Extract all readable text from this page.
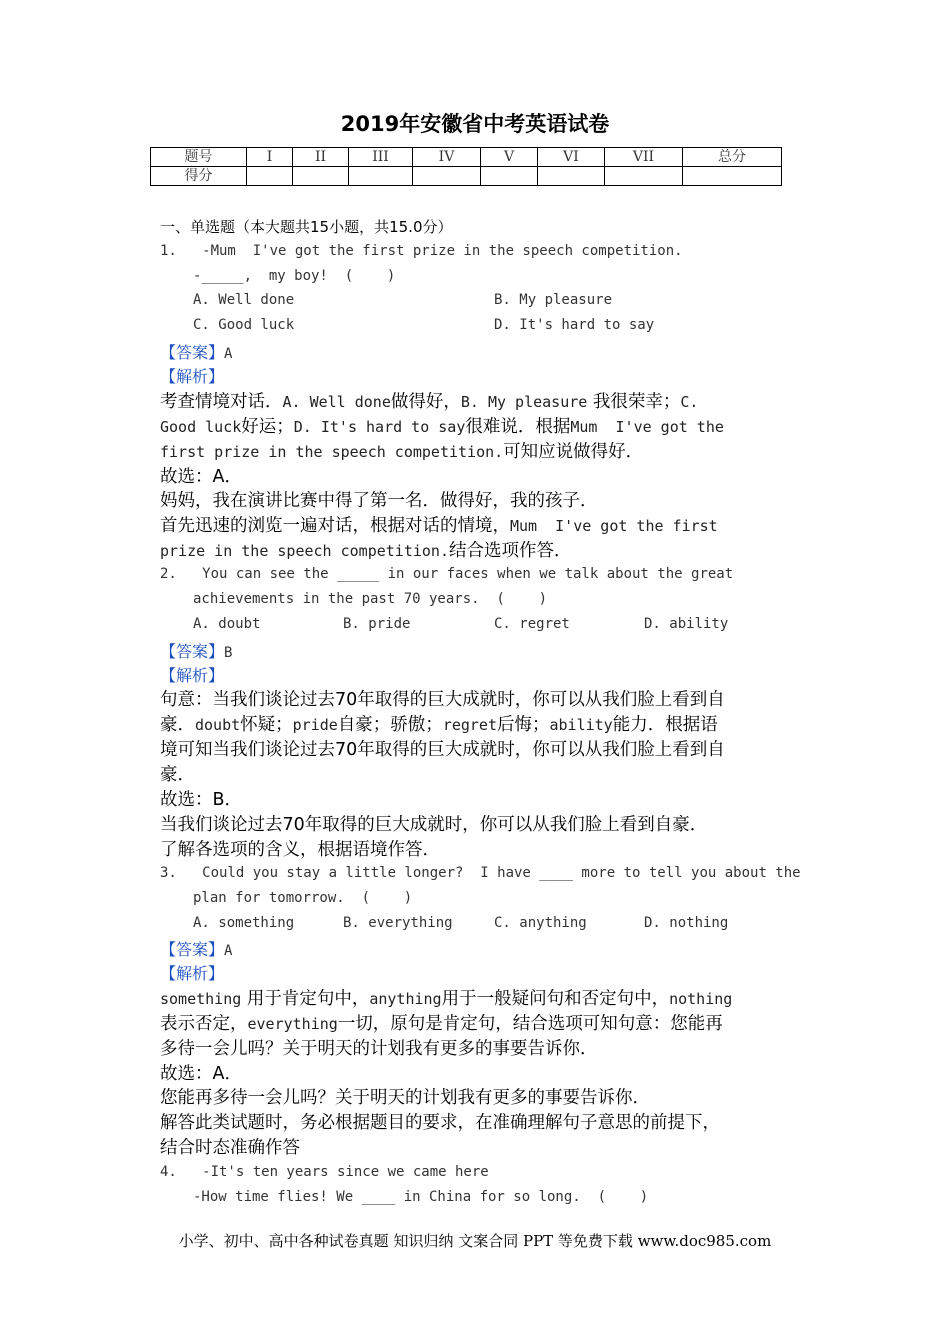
2019年安徽省中考英语试卷
题号	I	II	III	IV	V	VI	VII	总分
得分								
一、单选题（本大题共15小题，共15.0分）
1.   -Mum  I've got the first prize in the speech competition.
-_____,  my boy!  (    )
A. Well done	B. My pleasure
C. Good luck	D. It's hard to say
【答案】A
【解析】
考查情境对话．A. Well done做得好，B. My pleasure 我很荣幸；C.
Good luck好运；D. It's hard to say很难说．根据Mum  I've got the
first prize in the speech competition.可知应说做得好．
故选：A．
妈妈，我在演讲比赛中得了第一名．做得好，我的孩子．
首先迅速的浏览一遍对话，根据对话的情境，Mum  I've got the first
prize in the speech competition.结合选项作答．
2.   You can see the _____ in our faces when we talk about the great
achievements in the past 70 years.  (    )
A. doubt	B. pride	C. regret	D. ability
【答案】B
【解析】
句意：当我们谈论过去70年取得的巨大成就时，你可以从我们脸上看到自
豪．doubt怀疑；pride自豪；骄傲；regret后悔；ability能力．根据语
境可知当我们谈论过去70年取得的巨大成就时，你可以从我们脸上看到自
豪．
故选：B．
当我们谈论过去70年取得的巨大成就时，你可以从我们脸上看到自豪．
了解各选项的含义，根据语境作答．
3.   Could you stay a little longer?  I have ____ more to tell you about the
plan for tomorrow.  (    )
A. something	B. everything	C. anything	D. nothing
【答案】A
【解析】
something 用于肯定句中，anything用于一般疑问句和否定句中，nothing
表示否定，everything一切，原句是肯定句，结合选项可知句意：您能再
多待一会儿吗？关于明天的计划我有更多的事要告诉你．
故选：A．
您能再多待一会儿吗？关于明天的计划我有更多的事要告诉你．
解答此类试题时，务必根据题目的要求，在准确理解句子意思的前提下，
结合时态准确作答
4.   -It's ten years since we came here
-How time flies! We ____ in China for so long.  (    )
小学、初中、高中各种试卷真题 知识归纳 文案合同 PPT 等免费下载 www.doc985.com
